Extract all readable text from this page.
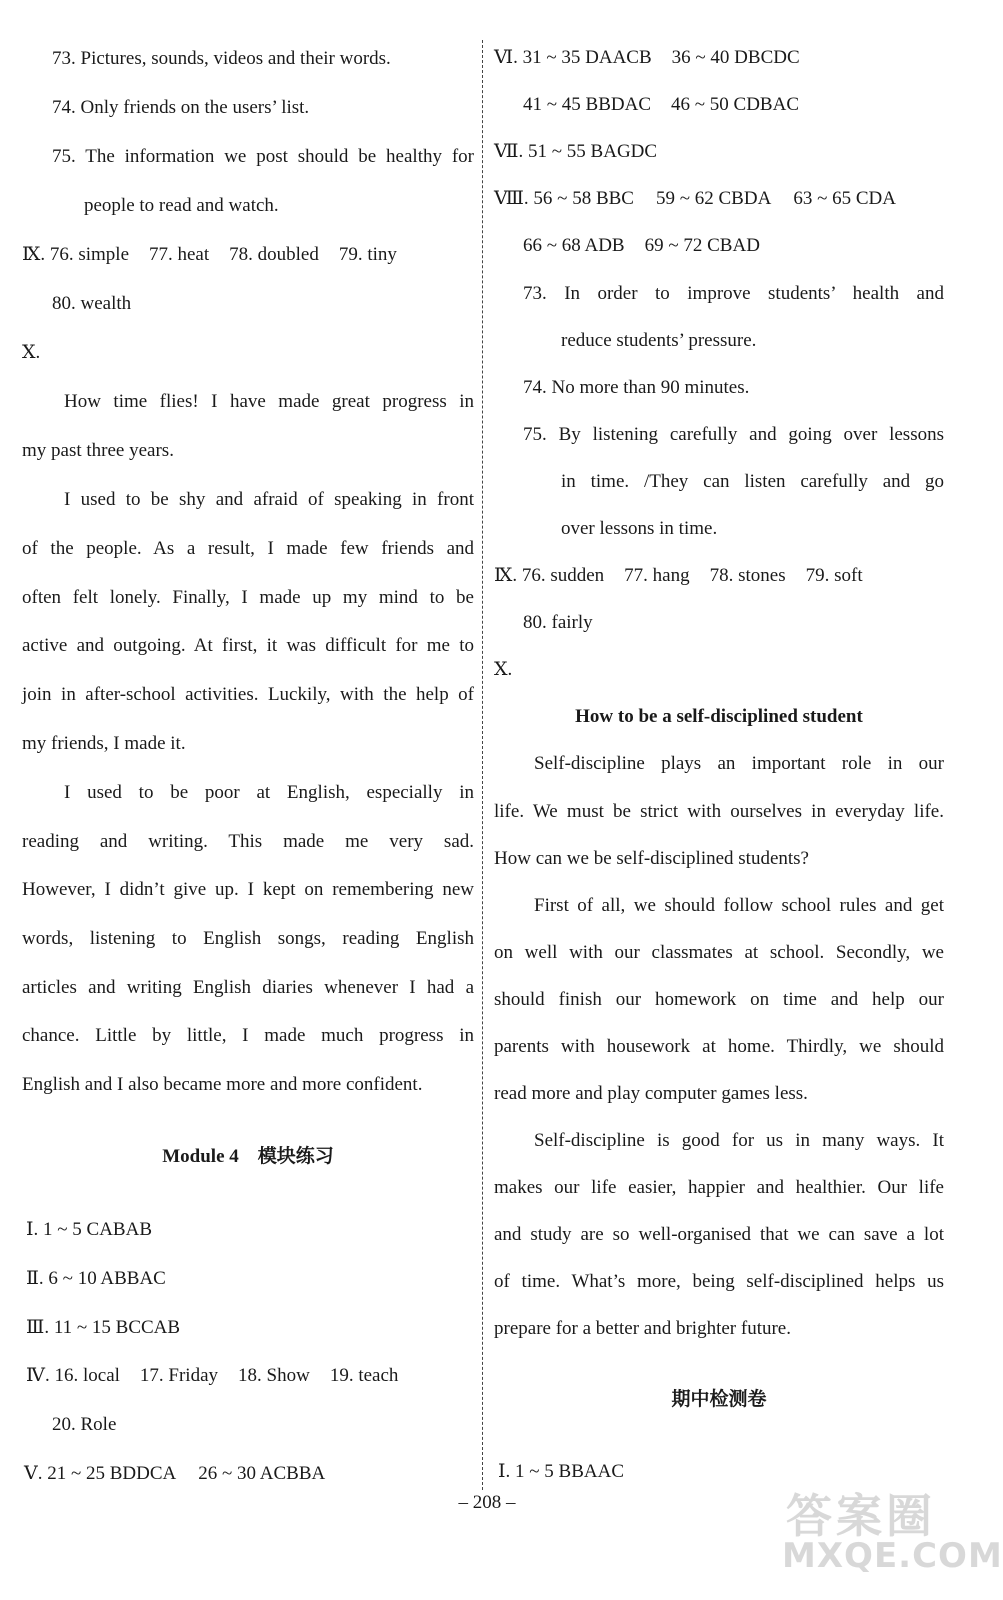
73. Pictures, sounds, videos and their words.
74. Only friends on the users’ list.
75. The information we post should be healthy for
people to read and watch.
Ⅸ. 76. simple 77. heat 78. doubled 79. tiny
80. wealth
Ⅹ.
How time flies! I have made great progress in
my past three years.
I used to be shy and afraid of speaking in front
of the people. As a result, I made few friends and
often felt lonely. Finally, I made up my mind to be
active and outgoing. At first, it was difficult for me to
join in after-school activities. Luckily, with the help of
my friends, I made it.
I used to be poor at English, especially in
reading and writing. This made me very sad.
However, I didn’t give up. I kept on remembering new
words, listening to English songs, reading English
articles and writing English diaries whenever I had a
chance. Little by little, I made much progress in
English and I also became more and more confident.
Module 4　模块练习
Ⅰ. 1 ~ 5 CABAB
Ⅱ. 6 ~ 10 ABBAC
Ⅲ. 11 ~ 15 BCCAB
Ⅳ. 16. local 17. Friday 18. Show 19. teach
20. Role
Ⅴ. 21 ~ 25 BDDCA 26 ~ 30 ACBBA
Ⅵ. 31 ~ 35 DAACB 36 ~ 40 DBCDC
41 ~ 45 BBDAC 46 ~ 50 CDBAC
Ⅶ. 51 ~ 55 BAGDC
Ⅷ. 56 ~ 58 BBC 59 ~ 62 CBDA 63 ~ 65 CDA
66 ~ 68 ADB 69 ~ 72 CBAD
73. In order to improve students’ health and
reduce students’ pressure.
74. No more than 90 minutes.
75. By listening carefully and going over lessons
in time. /They can listen carefully and go
over lessons in time.
Ⅸ. 76. sudden 77. hang 78. stones 79. soft
80. fairly
Ⅹ.
How to be a self-disciplined student
Self-discipline plays an important role in our
life. We must be strict with ourselves in everyday life.
How can we be self-disciplined students?
First of all, we should follow school rules and get
on well with our classmates at school. Secondly, we
should finish our homework on time and help our
parents with housework at home. Thirdly, we should
read more and play computer games less.
Self-discipline is good for us in many ways. It
makes our life easier, happier and healthier. Our life
and study are so well-organised that we can save a lot
of time. What’s more, being self-disciplined helps us
prepare for a better and brighter future.
期中检测卷
Ⅰ. 1 ~ 5 BBAAC
– 208 –	答案圈
MXQE.COM
